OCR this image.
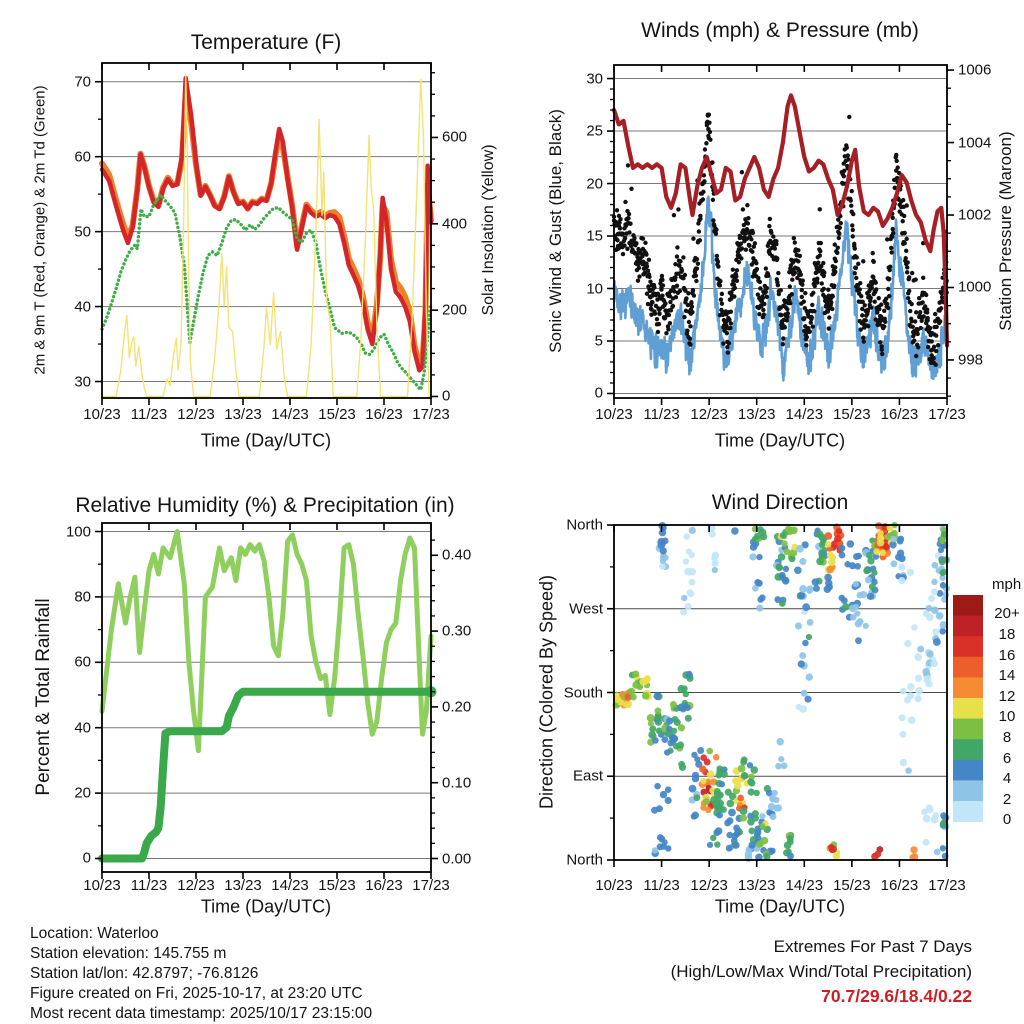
Temperature (F)
Winds (mph) & Pressure (mb)
Relative Humidity (%) & Precipitation (in)	Wind Direction
2m & 9m T (Red, Orange) & 2m Td (Green)	Solar Insolation (Yellow)	Sonic Wind & Gust (Blue, Black)	Station Pressure (Maroon)
Percent & Total Rainfall	Direction (Colored By Speed)
Time (Day/UTC)	Time (Day/UTC)
Time (Day/UTC)	Time (Day/UTC)
mph
Location: Waterloo
Station elevation: 145.755 m
Station lat/lon: 42.8797; -76.8126
Figure created on Fri, 2025-10-17, at 23:20 UTC
Most recent data timestamp: 2025/10/17 23:15:00
Extremes For Past 7 Days
(High/Low/Max Wind/Total Precipitation)
70.7/29.6/18.4/0.22
30
40
50
60
70
0
200
400
600
10/23 11/23 12/23 13/23 14/23 15/23 16/23 17/23
0
5
10
15
20
25
30
998
1000
1002
1004
1006
10/23 11/23 12/23 13/23 14/23 15/23 16/23 17/23
0
20
40
60
80
100
0.00
0.10
0.20
0.30
0.40
10/23 11/23 12/23 13/23 14/23 15/23 16/23 17/23
North
West
South
East
North
10/23 11/23 12/23 13/23 14/23 15/23 16/23 17/23
20+
18
16
14
12
10
8
6
4
2
0
